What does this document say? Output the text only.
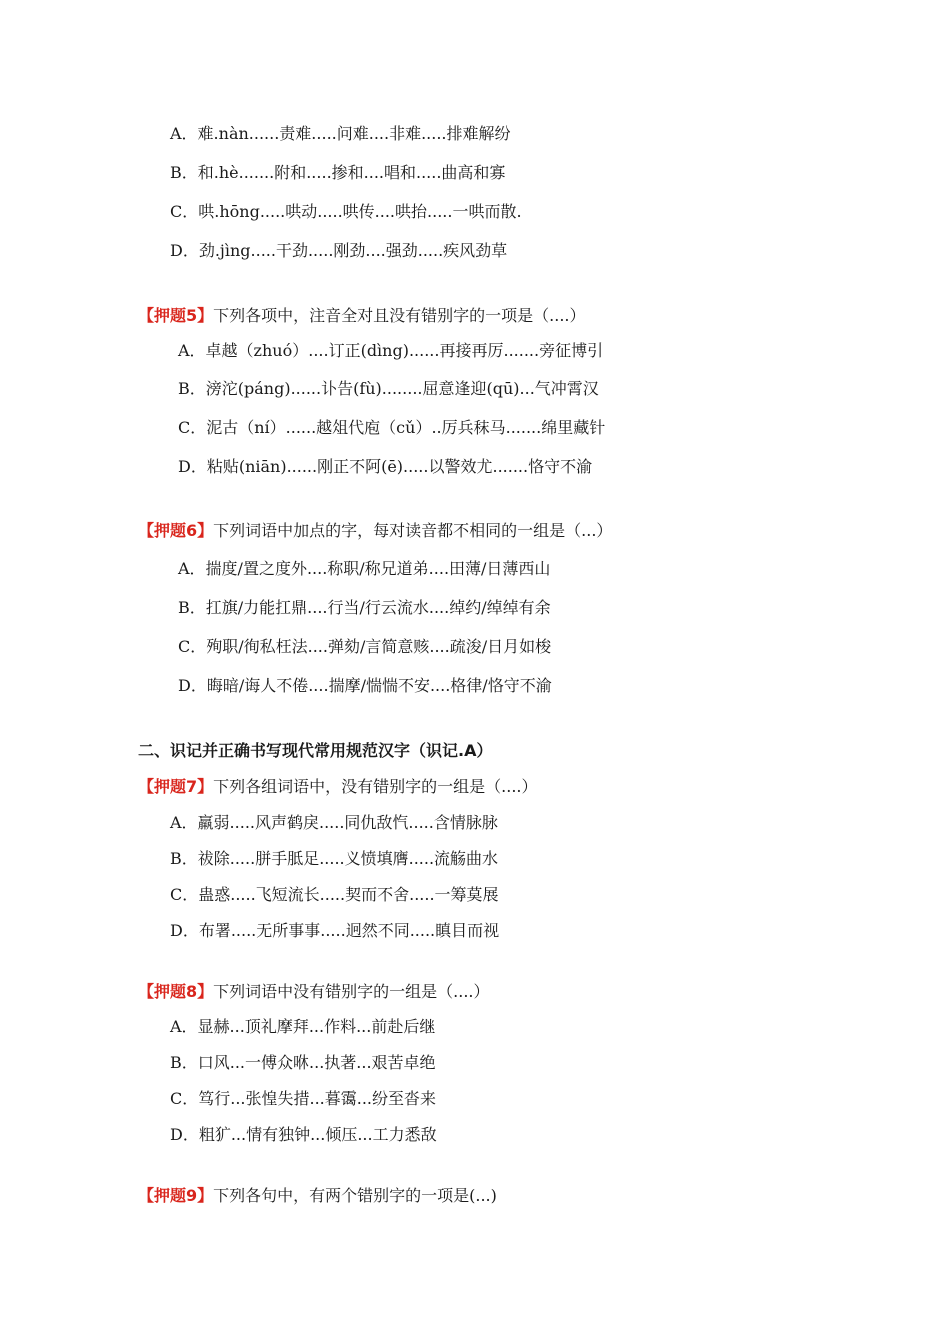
A．难.nàn......责难.....问难....非难.....排难解纷
B．和.hè.......附和.....掺和....唱和.....曲高和寡
C．哄.hōng.....哄动.....哄传....哄抬.....一哄而散.
D．劲.jìng.....干劲.....刚劲....强劲.....疾风劲草
【押题5】下列各项中，注音全对且没有错别字的一项是（....）
A．卓越（zhuó）....订正(dìng)......再接再厉.......旁征博引
B．滂沱(páng)......讣告(fù)........屈意逢迎(qū)...气冲霄汉
C．泥古（ní）......越俎代庖（cǔ）..厉兵秣马.......绵里藏针
D．粘贴(niān)......刚正不阿(ē).....以警效尤.......恪守不渝
【押题6】下列词语中加点的字，每对读音都不相同的一组是（...）
A．揣度/置之度外....称职/称兄道弟....田薄/日薄西山
B．扛旗/力能扛鼎....行当/行云流水....绰约/绰绰有余
C．殉职/徇私枉法....弹劾/言简意赅....疏浚/日月如梭
D．晦暗/诲人不倦....揣摩/惴惴不安....格律/恪守不渝
二、识记并正确书写现代常用规范汉字（识记.A）
【押题7】下列各组词语中，没有错别字的一组是（....）
A．羸弱.....风声鹤戾.....同仇敌忾.....含情脉脉
B．祓除.....胼手胝足.....义愤填膺.....流觞曲水
C．蛊惑.....飞短流长.....契而不舍.....一筹莫展
D．布署.....无所事事.....迥然不同.....瞋目而视
【押题8】下列词语中没有错别字的一组是（....）
A．显赫...顶礼摩拜...作料...前赴后继
B．口风...一傅众咻...执著...艰苦卓绝
C．笃行...张惶失措...暮霭...纷至沓来
D．粗犷...情有独钟...倾压...工力悉敌
【押题9】下列各句中，有两个错别字的一项是(...)
